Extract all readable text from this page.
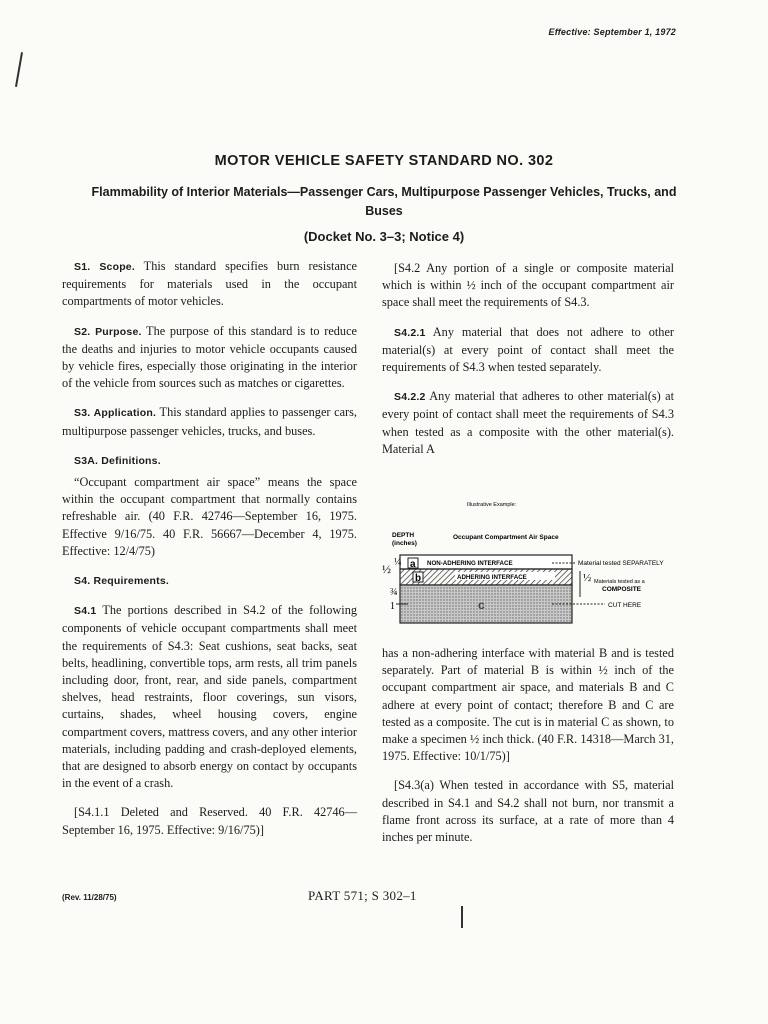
Effective: September 1, 1972
MOTOR VEHICLE SAFETY STANDARD NO. 302
Flammability of Interior Materials—Passenger Cars, Multipurpose Passenger Vehicles, Trucks, and Buses
(Docket No. 3–3; Notice 4)

S1. Scope. This standard specifies burn resistance requirements for materials used in the occupant compartments of motor vehicles.

S2. Purpose. The purpose of this standard is to reduce the deaths and injuries to motor vehicle occupants caused by vehicle fires, especially those originating in the interior of the vehicle from sources such as matches or cigarettes.

S3. Application. This standard applies to passenger cars, multipurpose passenger vehicles, trucks, and buses.

S3A. Definitions.

“Occupant compartment air space” means the space within the occupant compartment that normally contains refreshable air. (40 F.R. 42746—September 16, 1975. Effective 9/16/75. 40 F.R. 56667—December 4, 1975. Effective: 12/4/75)

S4. Requirements.

S4.1 The portions described in S4.2 of the following components of vehicle occupant compartments shall meet the requirements of S4.3: Seat cushions, seat backs, seat belts, headlining, convertible tops, arm rests, all trim panels including door, front, rear, and side panels, compartment shelves, head restraints, floor coverings, sun visors, curtains, shades, wheel housing covers, engine compartment covers, mattress covers, and any other interior materials, including padding and crash-deployed elements, that are designed to absorb energy on contact by occupants in the event of a crash.

[S4.1.1 Deleted and Reserved. 40 F.R. 42746—September 16, 1975. Effective: 9/16/75)]

[S4.2 Any portion of a single or composite material which is within ½ inch of the occupant compartment air space shall meet the requirements of S4.3.

S4.2.1 Any material that does not adhere to other material(s) at every point of contact shall meet the requirements of S4.3 when tested separately.

S4.2.2 Any material that adheres to other material(s) at every point of contact shall meet the requirements of S4.3 when tested as a composite with the other material(s). Material A

Illustrative Example:
DEPTH
(inches)
Occupant Compartment Air Space
a
b
c
NON-ADHERING INTERFACE
ADHERING INTERFACE
½ ¼
¾
1
Material tested SEPARATELY
½ Materials tested as a
COMPOSITE
CUT HERE

has a non-adhering interface with material B and is tested separately. Part of material B is within ½ inch of the occupant compartment air space, and materials B and C adhere at every point of contact; therefore B and C are tested as a composite. The cut is in material C as shown, to make a specimen ½ inch thick. (40 F.R. 14318—March 31, 1975. Effective: 10/1/75)]

[S4.3(a) When tested in accordance with S5, material described in S4.1 and S4.2 shall not burn, nor transmit a flame front across its surface, at a rate of more than 4 inches per minute.

(Rev. 11/28/75)	PART 571; S 302–1
